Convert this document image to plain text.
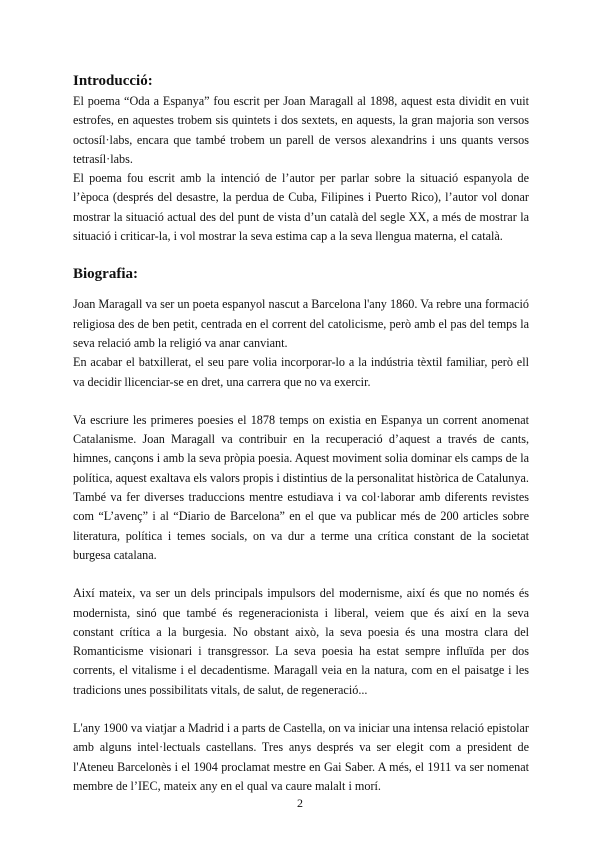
Introducció:

El poema “Oda a Espanya” fou escrit per Joan Maragall al 1898, aquest esta dividit en vuit estrofes, en aquestes trobem sis quintets i dos sextets, en aquests, la gran majoria son versos octosíl·labs, encara que també trobem un parell de versos alexandrins i uns quants versos tetrasíl·labs.

El poema fou escrit amb la intenció de l’autor per parlar sobre la situació espanyola de l’època (després del desastre, la perdua de Cuba, Filipines i Puerto Rico), l’autor vol donar mostrar la situació actual des del punt de vista d’un català del segle XX, a més de mostrar la situació i criticar-la, i vol mostrar la seva estima cap a la seva llengua materna, el català.

Biografia:

Joan Maragall va ser un poeta espanyol nascut a Barcelona l'any 1860. Va rebre una formació religiosa des de ben petit, centrada en el corrent del catolicisme, però amb el pas del temps la seva relació amb la religió va anar canviant.

En acabar el batxillerat, el seu pare volia incorporar-lo a la indústria tèxtil familiar, però ell va decidir llicenciar-se en dret, una carrera que no va exercir.

Va escriure les primeres poesies el 1878 temps on existia en Espanya un corrent anomenat Catalanisme. Joan Maragall va contribuir en la recuperació d’aquest a través de cants, himnes, cançons i amb la seva pròpia poesia. Aquest moviment solia dominar els camps de la política, aquest exaltava els valors propis i distintius de la personalitat històrica de Catalunya.

També va fer diverses traduccions mentre estudiava i va col·laborar amb diferents revistes com “L’avenç” i al “Diario de Barcelona” en el que va publicar més de 200 articles sobre literatura, política i temes socials, on va dur a terme una crítica constant de la societat burgesa catalana.

Així mateix, va ser un dels principals impulsors del modernisme, així és que no només és modernista, sinó que també és regeneracionista i liberal, veiem que és així en la seva constant crítica a la burgesia. No obstant això, la seva poesia és una mostra clara del Romanticisme visionari i transgressor. La seva poesia ha estat sempre influïda per dos corrents, el vitalisme i el decadentisme. Maragall veia en la natura, com en el paisatge i les tradicions unes possibilitats vitals, de salut, de regeneració...

L'any 1900 va viatjar a Madrid i a parts de Castella, on va iniciar una intensa relació epistolar amb alguns intel·lectuals castellans. Tres anys després va ser elegit com a president de l'Ateneu Barcelonès i el 1904 proclamat mestre en Gai Saber. A més, el 1911 va ser nomenat membre de l’IEC, mateix any en el qual va caure malalt i morí.

2
